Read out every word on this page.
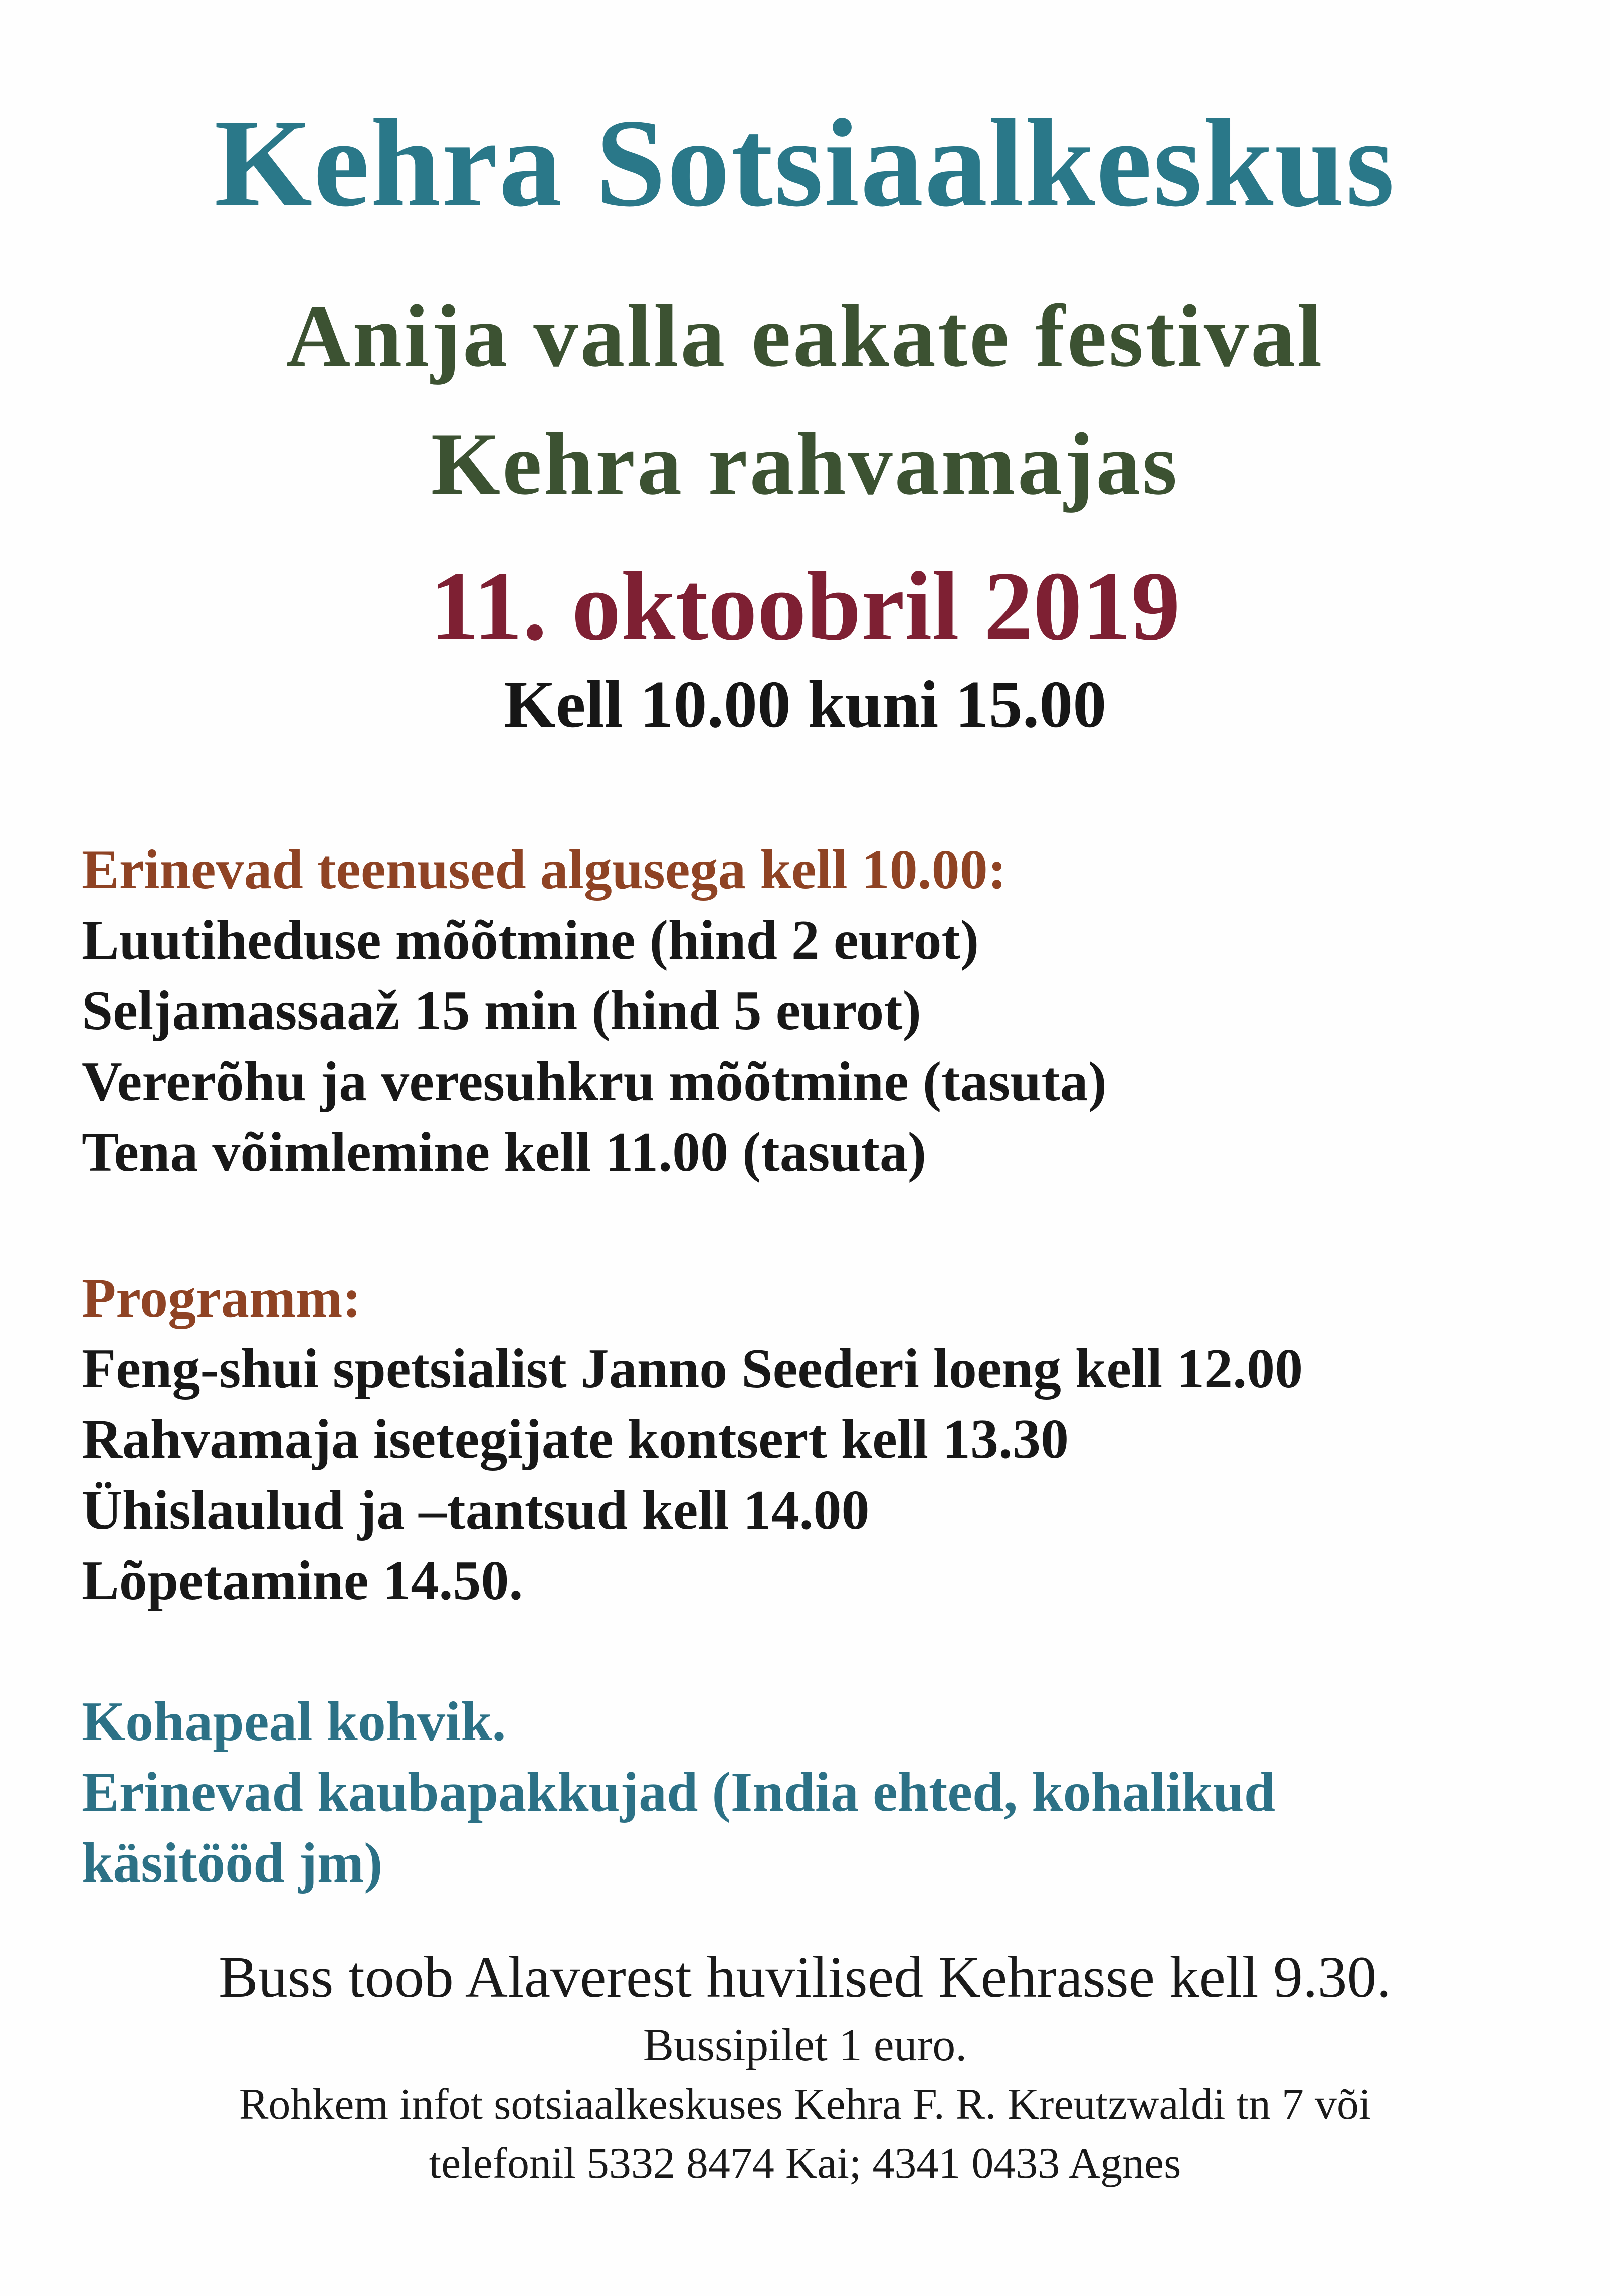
Kehra Sotsiaalkeskus
Anija valla eakate festival
Kehra rahvamajas
11. oktoobril 2019
Kell 10.00 kuni 15.00
Erinevad teenused algusega kell 10.00:
Luutiheduse mõõtmine (hind 2 eurot)
Seljamassaaž 15 min (hind 5 eurot)
Vererõhu ja veresuhkru mõõtmine (tasuta)
Tena võimlemine kell 11.00 (tasuta)
Programm:
Feng-shui spetsialist Janno Seederi loeng kell 12.00
Rahvamaja isetegijate kontsert kell 13.30
Ühislaulud ja –tantsud kell 14.00
Lõpetamine 14.50.
Kohapeal kohvik.
Erinevad kaubapakkujad (India ehted, kohalikud
käsitööd jm)
Buss toob Alaverest huvilised Kehrasse kell 9.30.
Bussipilet 1 euro.
Rohkem infot sotsiaalkeskuses Kehra F. R. Kreutzwaldi tn 7 või
telefonil 5332 8474 Kai; 4341 0433 Agnes
